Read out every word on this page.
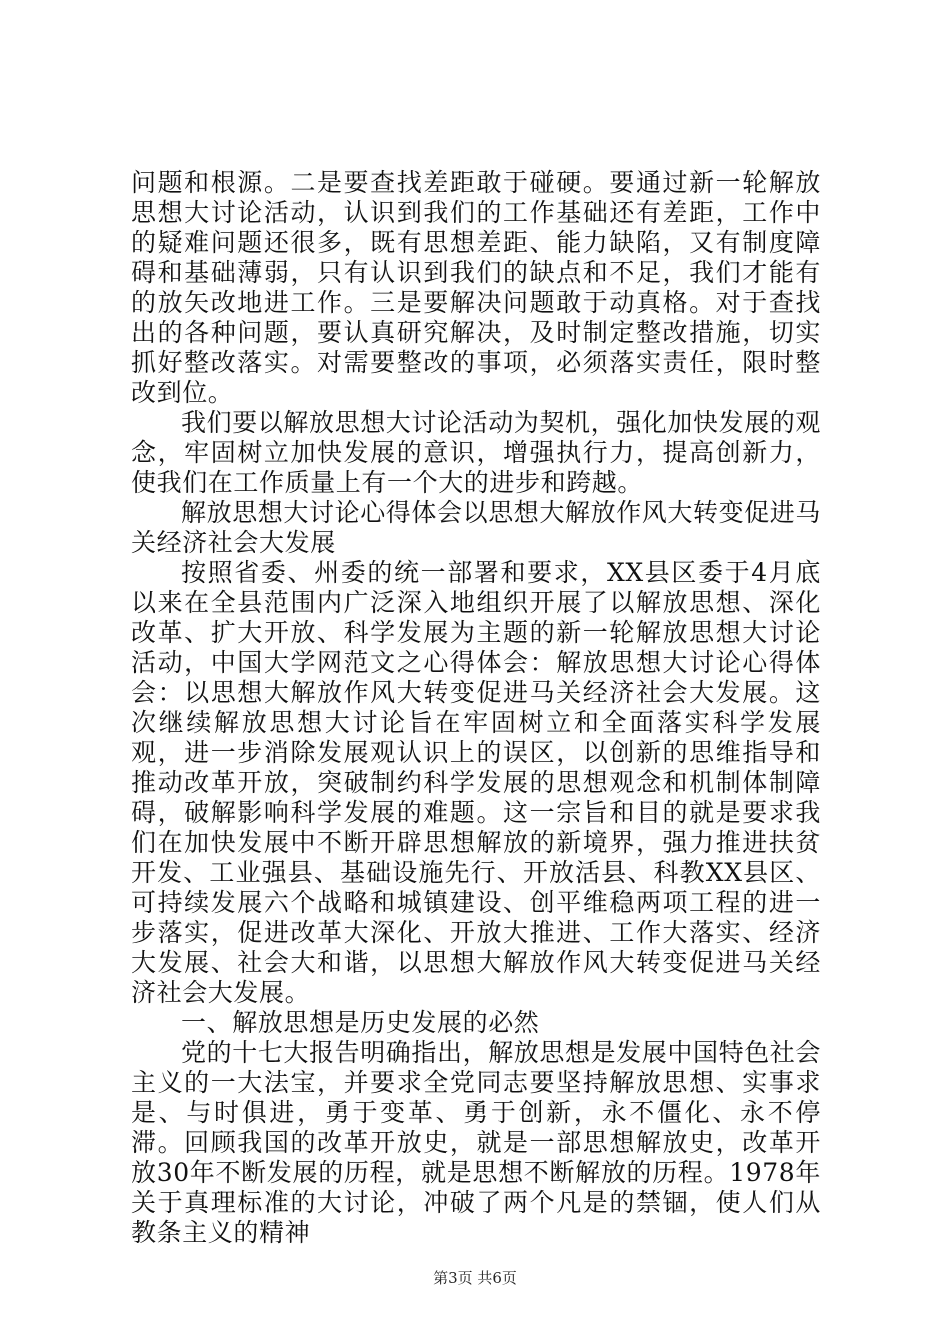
问题和根源。二是要查找差距敢于碰硬。要通过新一轮解放思想大讨论活动，认识到我们的工作基础还有差距，工作中的疑难问题还很多，既有思想差距、能力缺陷，又有制度障碍和基础薄弱，只有认识到我们的缺点和不足，我们才能有的放矢改地进工作。三是要解决问题敢于动真格。对于查找出的各种问题，要认真研究解决，及时制定整改措施，切实抓好整改落实。对需要整改的事项，必须落实责任，限时整改到位。

我们要以解放思想大讨论活动为契机，强化加快发展的观念，牢固树立加快发展的意识，增强执行力，提高创新力，使我们在工作质量上有一个大的进步和跨越。

解放思想大讨论心得体会以思想大解放作风大转变促进马关经济社会大发展

按照省委、州委的统一部署和要求，XX县区委于4月底以来在全县范围内广泛深入地组织开展了以解放思想、深化改革、扩大开放、科学发展为主题的新一轮解放思想大讨论活动，中国大学网范文之心得体会：解放思想大讨论心得体会：以思想大解放作风大转变促进马关经济社会大发展。这次继续解放思想大讨论旨在牢固树立和全面落实科学发展观，进一步消除发展观认识上的误区，以创新的思维指导和推动改革开放，突破制约科学发展的思想观念和机制体制障碍，破解影响科学发展的难题。这一宗旨和目的就是要求我们在加快发展中不断开辟思想解放的新境界，强力推进扶贫开发、工业强县、基础设施先行、开放活县、科教XX县区、可持续发展六个战略和城镇建设、创平维稳两项工程的进一步落实，促进改革大深化、开放大推进、工作大落实、经济大发展、社会大和谐，以思想大解放作风大转变促进马关经济社会大发展。

一、解放思想是历史发展的必然

党的十七大报告明确指出，解放思想是发展中国特色社会主义的一大法宝，并要求全党同志要坚持解放思想、实事求是、与时俱进，勇于变革、勇于创新，永不僵化、永不停滞。回顾我国的改革开放史，就是一部思想解放史，改革开放30年不断发展的历程，就是思想不断解放的历程。1978年关于真理标准的大讨论，冲破了两个凡是的禁锢，使人们从教条主义的精神

第3页 共6页
